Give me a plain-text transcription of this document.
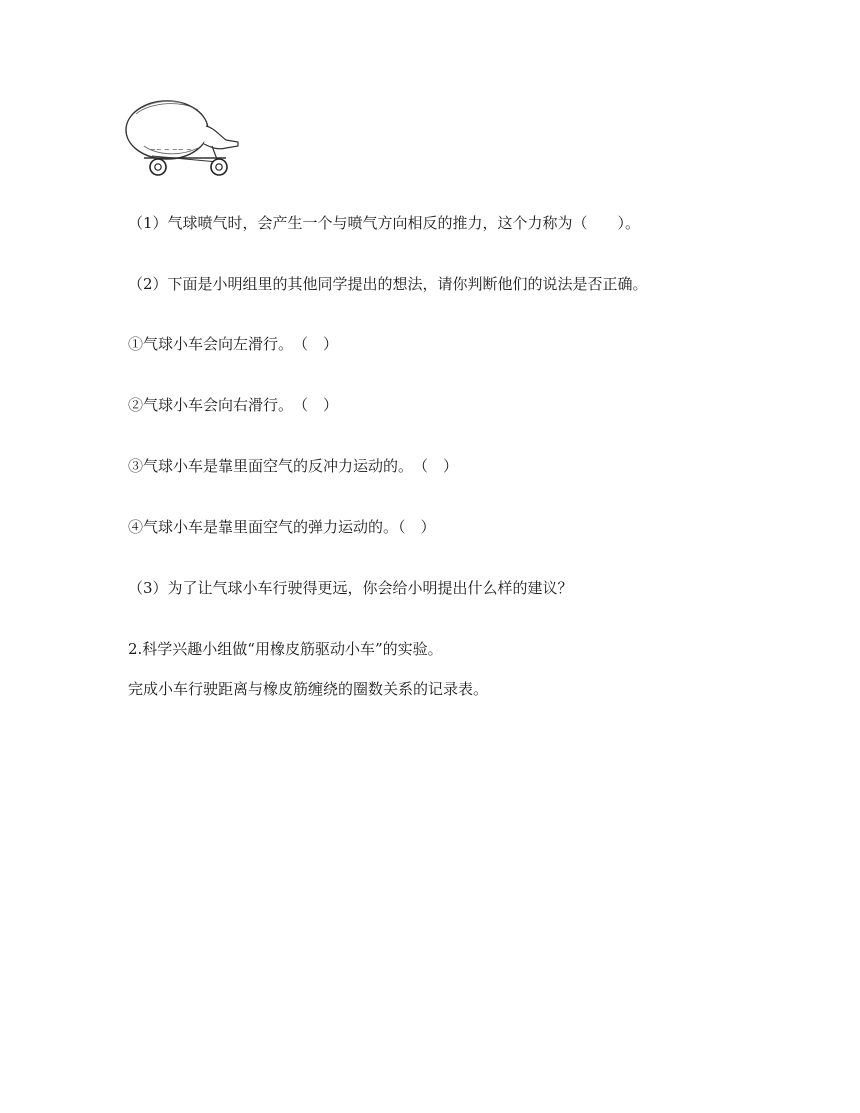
~~ ~ ~~ ~
（1）气球喷气时，会产生一个与喷气方向相反的推力，这个力称为（　　）。
（2）下面是小明组里的其他同学提出的想法，请你判断他们的说法是否正确。
①气球小车会向左滑行。　（　）
②气球小车会向右滑行。　（　）
③气球小车是靠里面空气的反冲力运动的。　（　）
④气球小车是靠里面空气的弹力运动的。（　）
（3）为了让气球小车行驶得更远，你会给小明提出什么样的建议？
2.科学兴趣小组做“用橡皮筋驱动小车”的实验。
完成小车行驶距离与橡皮筋缠绕的圈数关系的记录表。
